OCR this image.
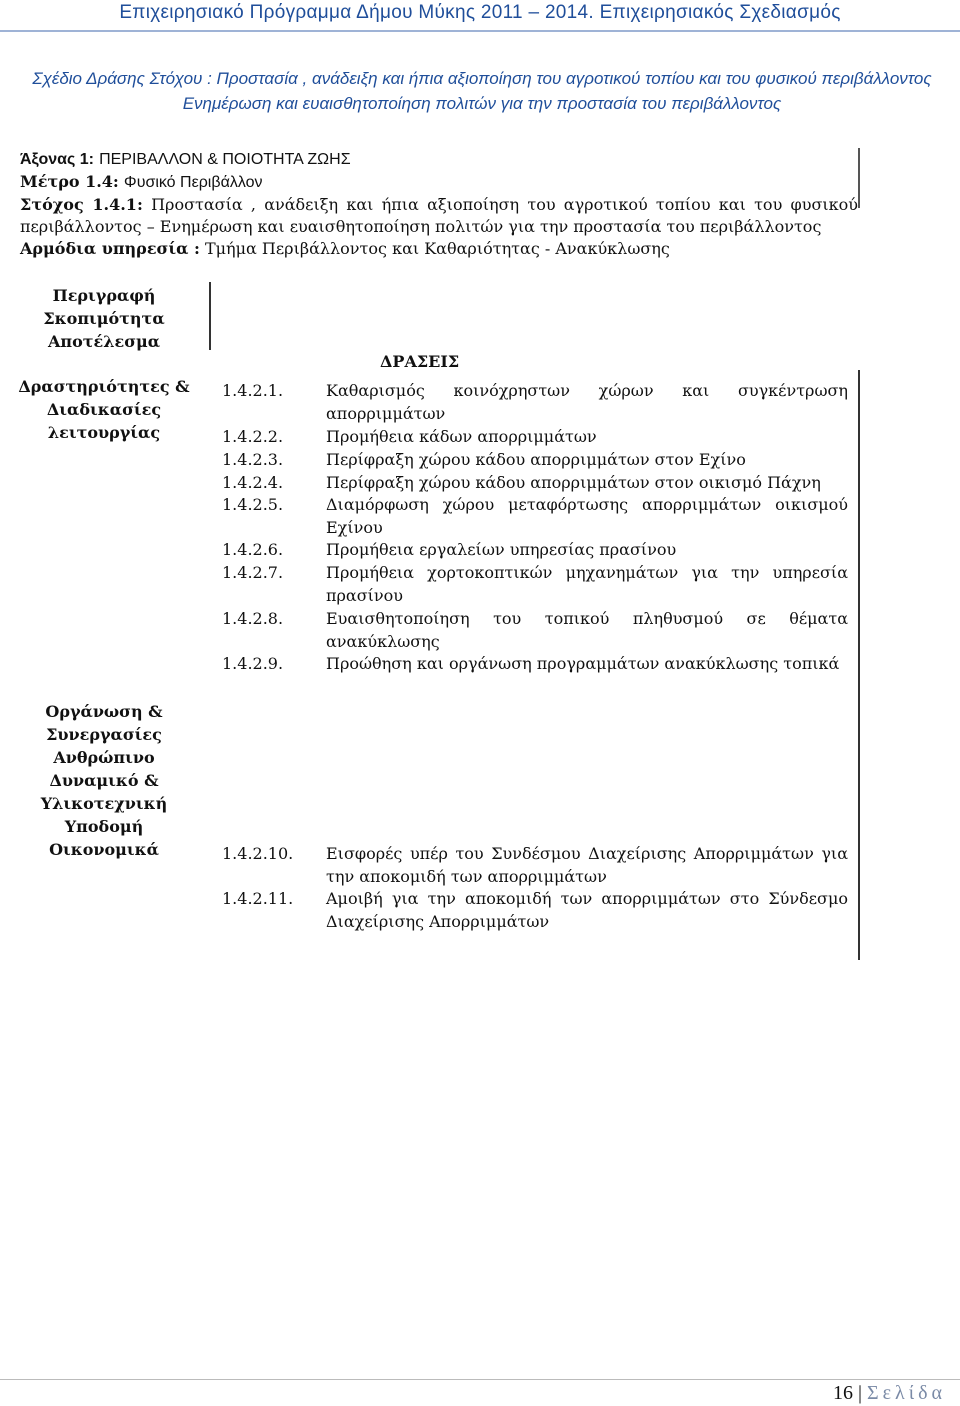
Επιχειρησιακό Πρόγραμμα Δήμου Μύκης 2011 – 2014. Επιχειρησιακός Σχεδιασμός
Σχέδιο Δράσης Στόχου : Προστασία , ανάδειξη και ήπια αξιοποίηση του αγροτικού τοπίου και του φυσικού περιβάλλοντος Ενημέρωση και ευαισθητοποίηση πολιτών για την προστασία του περιβάλλοντος
Άξονας 1: ΠΕΡΙΒΑΛΛΟΝ & ΠΟΙΟΤΗΤΑ ΖΩΗΣ
Μέτρο 1.4: Φυσικό Περιβάλλον
Στόχος 1.4.1: Προστασία , ανάδειξη και ήπια αξιοποίηση του αγροτικού τοπίου και του φυσικού περιβάλλοντος – Ενημέρωση και ευαισθητοποίηση πολιτών για την προστασία του περιβάλλοντος
Αρμόδια υπηρεσία : Τμήμα Περιβάλλοντος και Καθαριότητας - Ανακύκλωσης
Περιγραφή
Σκοπιμότητα
Αποτέλεσμα
Δραστηριότητες &
Διαδικασίες
λειτουργίας
Οργάνωση &
Συνεργασίες
Ανθρώπινο
Δυναμικό &
Υλικοτεχνική
Υποδομή
Οικονομικά
ΔΡΑΣΕΙΣ
1.4.2.1.	Καθαρισμός κοινόχρηστων χώρων και συγκέντρωση απορριμμάτων
1.4.2.2.	Προμήθεια κάδων απορριμμάτων
1.4.2.3.	Περίφραξη χώρου κάδου απορριμμάτων στον Εχίνο
1.4.2.4.	Περίφραξη χώρου κάδου απορριμμάτων στον οικισμό Πάχνη
1.4.2.5.	Διαμόρφωση χώρου μεταφόρτωσης απορριμμάτων οικισμού Εχίνου
1.4.2.6.	Προμήθεια εργαλείων υπηρεσίας πρασίνου
1.4.2.7.	Προμήθεια χορτοκοπτικών μηχανημάτων για την υπηρεσία πρασίνου
1.4.2.8.	Ευαισθητοποίηση του τοπικού πληθυσμού σε θέματα ανακύκλωσης
1.4.2.9.	Προώθηση και οργάνωση προγραμμάτων ανακύκλωσης τοπικά
1.4.2.10.	Εισφορές υπέρ του Συνδέσμου Διαχείρισης Απορριμμάτων για την αποκομιδή των απορριμμάτων
1.4.2.11.	Αμοιβή για την αποκομιδή των απορριμμάτων στο Σύνδεσμο Διαχείρισης Απορριμμάτων
16 | Σελίδα
